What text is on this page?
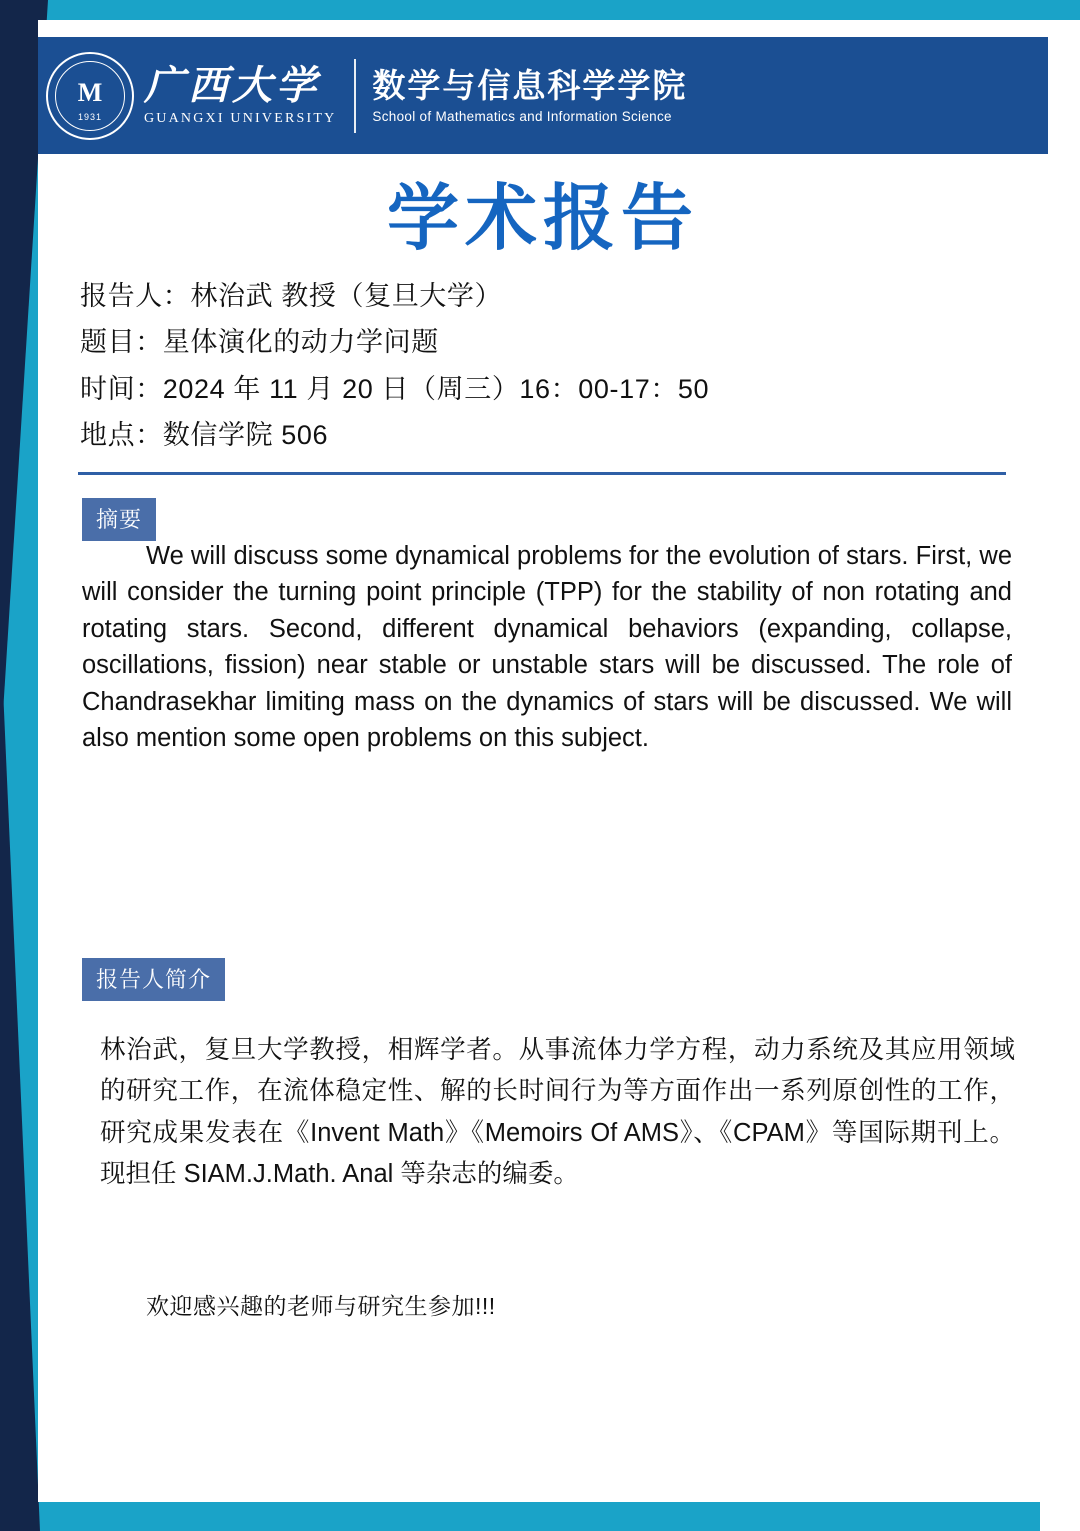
M
1931
广西大学
GUANGXI UNIVERSITY
数学与信息科学学院
School of Mathematics and Information Science
学术报告
报告人：林治武 教授（复旦大学）
题目：星体演化的动力学问题
时间：2024 年 11 月 20 日（周三）16：00-17：50
地点：数信学院 506
摘要
We will discuss some dynamical problems for the evolution of stars. First, we will consider the turning point principle (TPP) for the stability of non rotating and rotating stars. Second, different dynamical behaviors (expanding, collapse, oscillations, fission) near stable or unstable stars will be discussed. The role of Chandrasekhar limiting mass on the dynamics of stars will be discussed. We will also mention some open problems on this subject.
报告人简介
林治武，复旦大学教授，相辉学者。从事流体力学方程，动力系统及其应用领域的研究工作，在流体稳定性、解的长时间行为等方面作出一系列原创性的工作，研究成果发表在《Invent Math》《Memoirs Of AMS》、《CPAM》等国际期刊上。现担任 SIAM.J.Math. Anal 等杂志的编委。
欢迎感兴趣的老师与研究生参加!!!
